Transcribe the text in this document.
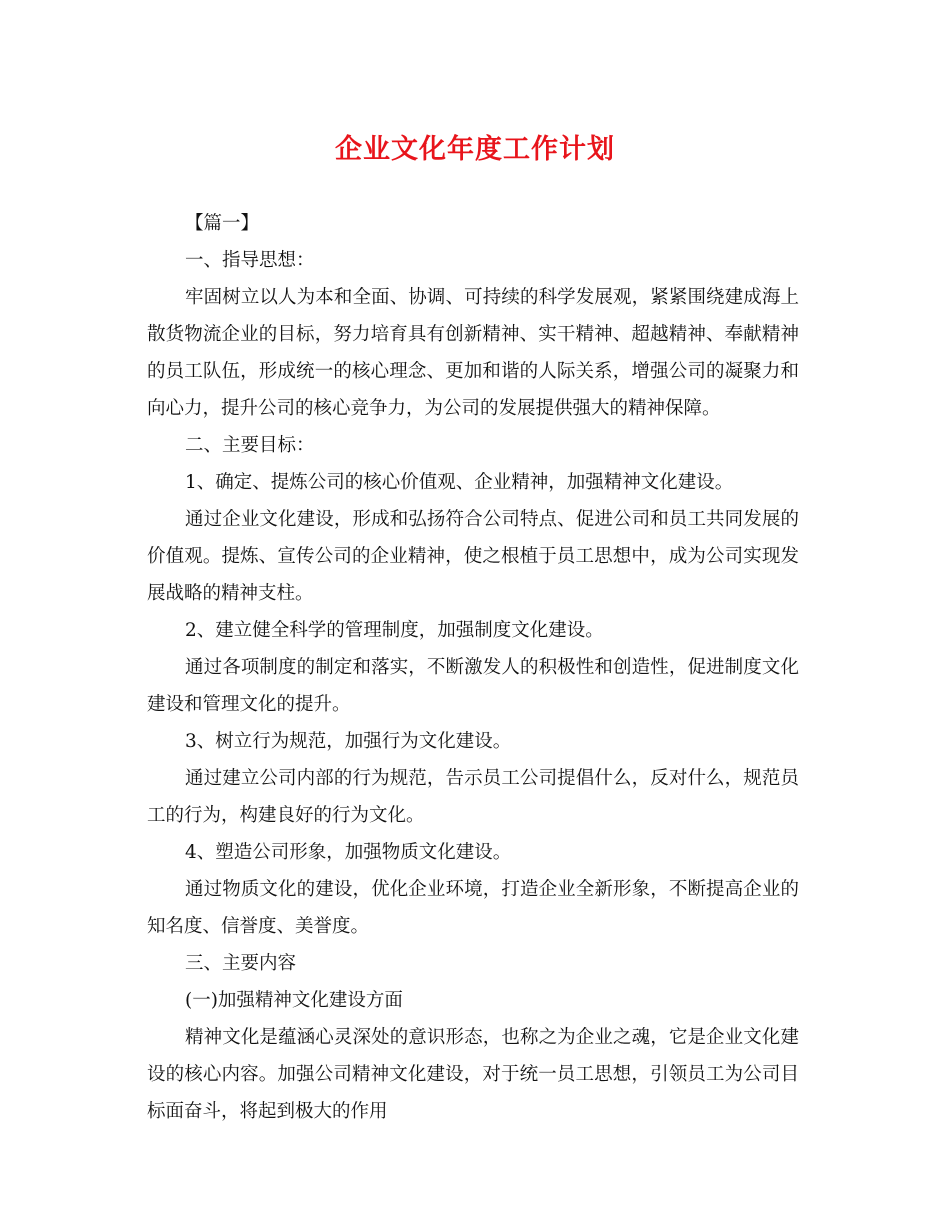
企业文化年度工作计划

【篇一】

一、指导思想：

牢固树立以人为本和全面、协调、可持续的科学发展观，紧紧围绕建成海上散货物流企业的目标，努力培育具有创新精神、实干精神、超越精神、奉献精神的员工队伍，形成统一的核心理念、更加和谐的人际关系，增强公司的凝聚力和向心力，提升公司的核心竞争力，为公司的发展提供强大的精神保障。

二、主要目标：

1、确定、提炼公司的核心价值观、企业精神，加强精神文化建设。

通过企业文化建设，形成和弘扬符合公司特点、促进公司和员工共同发展的价值观。提炼、宣传公司的企业精神，使之根植于员工思想中，成为公司实现发展战略的精神支柱。

2、建立健全科学的管理制度，加强制度文化建设。

通过各项制度的制定和落实，不断激发人的积极性和创造性，促进制度文化建设和管理文化的提升。

3、树立行为规范，加强行为文化建设。

通过建立公司内部的行为规范，告示员工公司提倡什么，反对什么，规范员工的行为，构建良好的行为文化。

4、塑造公司形象，加强物质文化建设。

通过物质文化的建设，优化企业环境，打造企业全新形象，不断提高企业的知名度、信誉度、美誉度。

三、主要内容

(一)加强精神文化建设方面

精神文化是蕴涵心灵深处的意识形态，也称之为企业之魂，它是企业文化建设的核心内容。加强公司精神文化建设，对于统一员工思想，引领员工为公司目标面奋斗，将起到极大的作用
